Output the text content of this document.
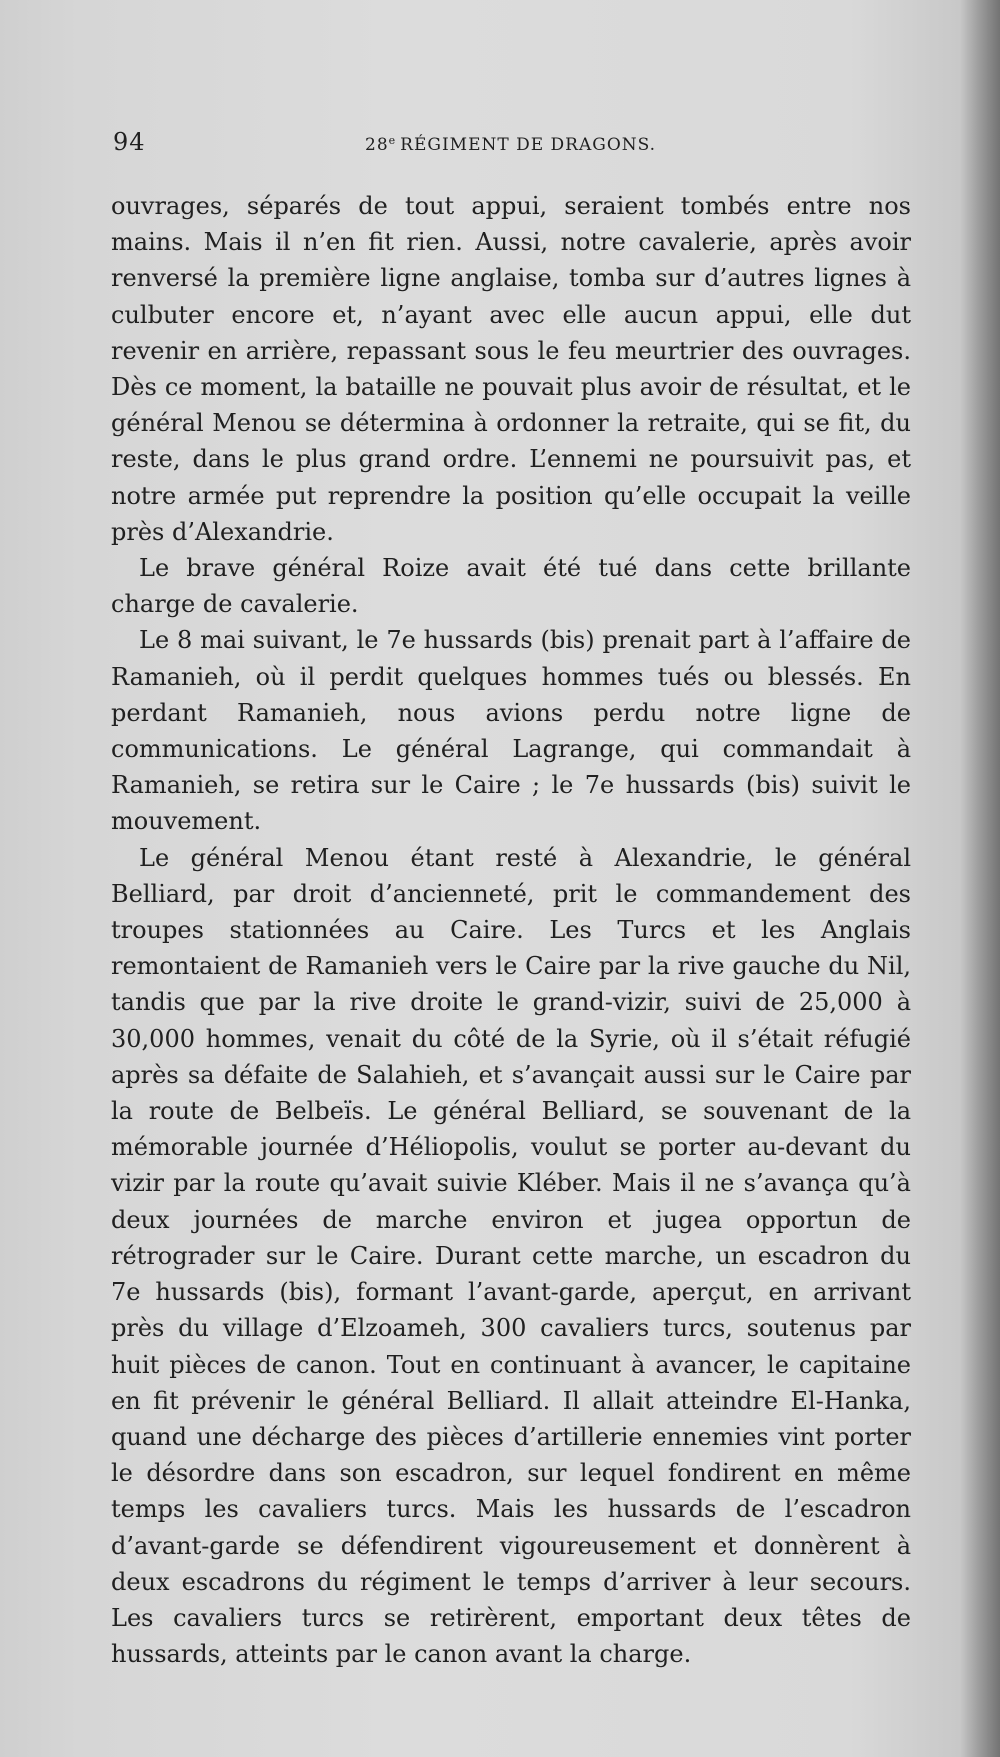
94	28e RÉGIMENT DE DRAGONS.

ouvrages, séparés de tout appui, seraient tombés entre nos mains. Mais il n’en fit rien. Aussi, notre cavalerie, après avoir renversé la première ligne anglaise, tomba sur d’autres lignes à culbuter encore et, n’ayant avec elle aucun appui, elle dut revenir en arrière, repassant sous le feu meurtrier des ouvrages. Dès ce moment, la bataille ne pouvait plus avoir de résultat, et le général Menou se détermina à ordonner la retraite, qui se fit, du reste, dans le plus grand ordre. L’ennemi ne poursuivit pas, et notre armée put reprendre la position qu’elle occupait la veille près d’Alexandrie.

Le brave général Roize avait été tué dans cette brillante charge de cavalerie.

Le 8 mai suivant, le 7e hussards (bis) prenait part à l’affaire de Ramanieh, où il perdit quelques hommes tués ou blessés. En perdant Ramanieh, nous avions perdu notre ligne de communications. Le général Lagrange, qui commandait à Ramanieh, se retira sur le Caire ; le 7e hussards (bis) suivit le mouvement.

Le général Menou étant resté à Alexandrie, le général Belliard, par droit d’ancienneté, prit le commandement des troupes stationnées au Caire. Les Turcs et les Anglais remontaient de Ramanieh vers le Caire par la rive gauche du Nil, tandis que par la rive droite le grand-vizir, suivi de 25,000 à 30,000 hommes, venait du côté de la Syrie, où il s’était réfugié après sa défaite de Salahieh, et s’avançait aussi sur le Caire par la route de Belbeïs. Le général Belliard, se souvenant de la mémorable journée d’Héliopolis, voulut se porter au-devant du vizir par la route qu’avait suivie Kléber. Mais il ne s’avança qu’à deux journées de marche environ et jugea opportun de rétrograder sur le Caire. Durant cette marche, un escadron du 7e hussards (bis), formant l’avant-garde, aperçut, en arrivant près du village d’Elzoameh, 300 cavaliers turcs, soutenus par huit pièces de canon. Tout en continuant à avancer, le capitaine en fit prévenir le général Belliard. Il allait atteindre El-Hanka, quand une décharge des pièces d’artillerie ennemies vint porter le désordre dans son escadron, sur lequel fondirent en même temps les cavaliers turcs. Mais les hussards de l’escadron d’avant-garde se défendirent vigoureusement et donnèrent à deux escadrons du régiment le temps d’arriver à leur secours. Les cavaliers turcs se retirèrent, emportant deux têtes de hussards, atteints par le canon avant la charge.
